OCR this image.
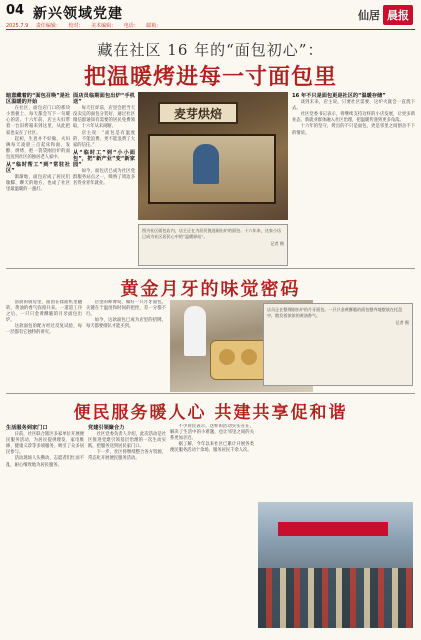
04 新兴领域党建
2025.7.9 责任编辑： 校对： 美术编辑： 电话： 邮箱：
仙居 晨报
藏在社区 16 年的“面包初心”：
把温暖烤进每一寸面包里
暗意藏着的“面包召唤”是社区温暖的开始

在社区，面包店门口的那块小黑板上，每天都会写下一句暖心的话。十六年前，店主夫妇带着一台旧烤箱来到这里，从此把家也安在了社区。

起初，生意并不好做，夫妇俩每天凌晨三点起床和面、发酵、烘烤，把一袋袋刚出炉的面包送到社区的独居老人家中。

从“临时帮工”到“常驻社区”

渐渐地，面包店成了居民们歇脚、聊天的地方，也成了社区里最温暖的一盏灯。

面店员临期面包出炉“手机送”

每天打烊前，店里会把当天没卖完的面包分装好，通过社区微信群通知有需要的居民免费领取，十六年从未间断。

店主说：“面包是有温度的，不能浪费，更不能浪费了大家的信任。”

从“临时工”到“小小面包”，把“新产业”变“新家园”

如今，面包店已成为社区党群服务站点之一，吸纳了周边多名待业青年就业。

麦芽烘焙
图为社区面包店内，店主正在为居民挑选刚出炉的面包。十六年来，这家小店已成为社区居民心中的“温暖驿站”。
记者 摄
16 年不只是面包更是社区的“温暖存储”

谈到未来，店主说，只要社区需要，这炉火就会一直烧下去。

社区党委书记表示，将继续支持这样的小店发展，让更多新业态、新就业群体融入社区治理，把温暖传递到更多角落。

十六年的坚守，烤出的不只是面包，更是邻里之间割舍不下的情谊。

黄金月牙的味觉密码

清晨的厨房里，面团在揉面机里翻转，黄油的香气弥漫开来。一道道工序之后，一只只金黄酥脆的月牙面包出炉。

这款面包的配方经过反复试验，每一层都有它独特的讲究。

店里的师傅说，做好一只月牙面包，关键在于温度和时间的把控，差一分都不行。

如今，这款面包已成为店里的招牌，每天都要排队才能买到。

店员正在整理刚出炉的月牙面包。一只只金黄酥脆的面包整齐地摆放在托盘中，散发着浓浓的黄油香气。
记者 摄
便民服务暖人心 共建共享促和谐
生活服务到家门口

日前，社区联合辖区多家单位开展便民服务活动，为居民提供理发、家电维修、健康义诊等多项服务，吸引了众多居民参与。

活动现场人头攒动，志愿者们忙而不乱，耐心细致地为居民服务。

党建引领聚合力

社区党委负责人介绍，此次活动是社区推进党建引领基层治理的一次生动实践，把服务送到居民家门口。

下一步，社区将继续整合各方资源，常态化开展便民服务活动。

不少居民表示，这样的活动实实在在，解决了生活中的小难题，也让邻里之间的关系更加亲近。

据了解，今年以来社区已累计开展各类便民服务活动十余场，服务居民千余人次。
